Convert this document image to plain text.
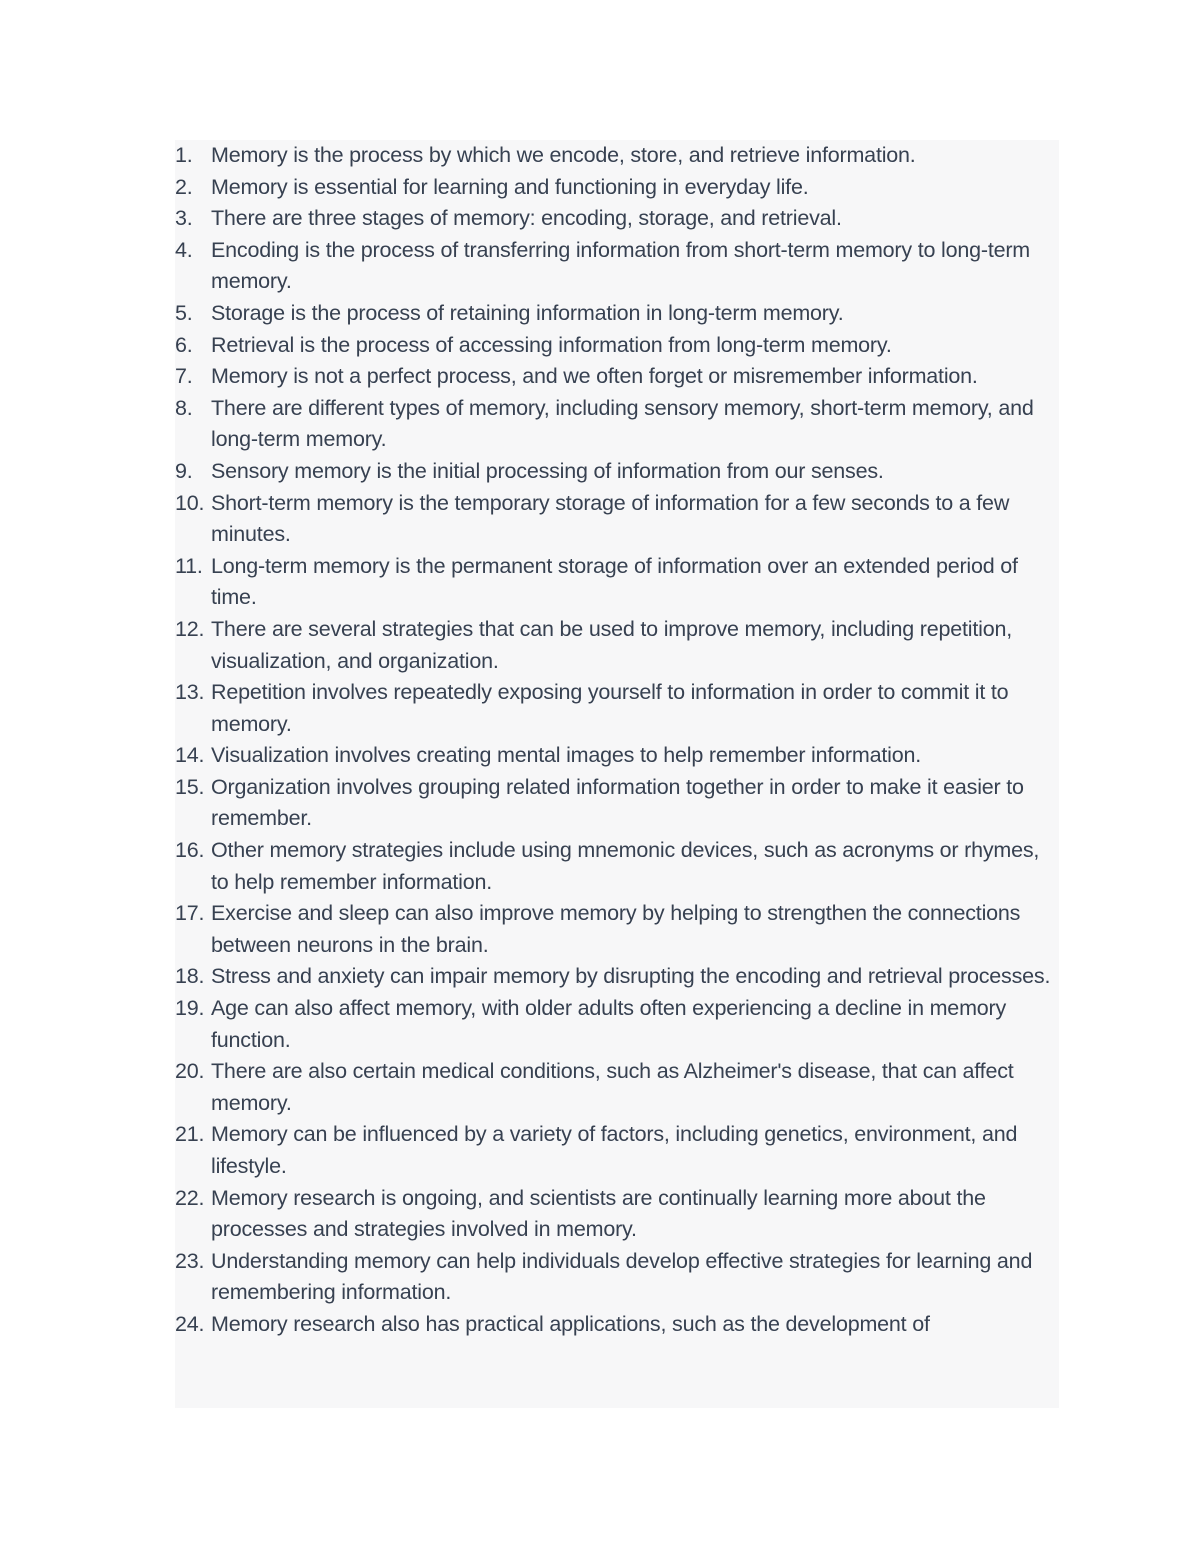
1. Memory is the process by which we encode, store, and retrieve information.
2. Memory is essential for learning and functioning in everyday life.
3. There are three stages of memory: encoding, storage, and retrieval.
4. Encoding is the process of transferring information from short-term memory to long-term memory.
5. Storage is the process of retaining information in long-term memory.
6. Retrieval is the process of accessing information from long-term memory.
7. Memory is not a perfect process, and we often forget or misremember information.
8. There are different types of memory, including sensory memory, short-term memory, and long-term memory.
9. Sensory memory is the initial processing of information from our senses.
10. Short-term memory is the temporary storage of information for a few seconds to a few minutes.
11. Long-term memory is the permanent storage of information over an extended period of time.
12. There are several strategies that can be used to improve memory, including repetition, visualization, and organization.
13. Repetition involves repeatedly exposing yourself to information in order to commit it to memory.
14. Visualization involves creating mental images to help remember information.
15. Organization involves grouping related information together in order to make it easier to remember.
16. Other memory strategies include using mnemonic devices, such as acronyms or rhymes, to help remember information.
17. Exercise and sleep can also improve memory by helping to strengthen the connections between neurons in the brain.
18. Stress and anxiety can impair memory by disrupting the encoding and retrieval processes.
19. Age can also affect memory, with older adults often experiencing a decline in memory function.
20. There are also certain medical conditions, such as Alzheimer's disease, that can affect memory.
21. Memory can be influenced by a variety of factors, including genetics, environment, and lifestyle.
22. Memory research is ongoing, and scientists are continually learning more about the processes and strategies involved in memory.
23. Understanding memory can help individuals develop effective strategies for learning and remembering information.
24. Memory research also has practical applications, such as the development of
